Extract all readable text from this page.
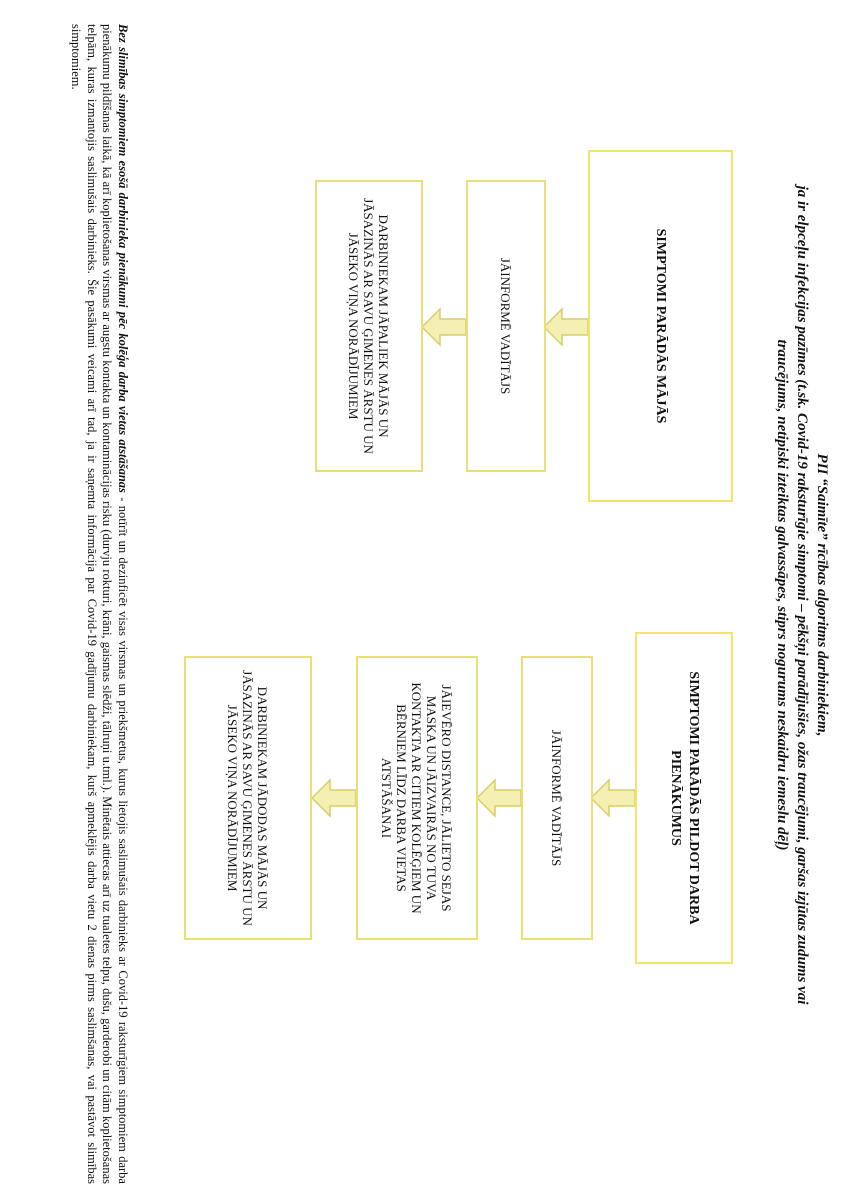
PII “Saimīte” rīcības algoritms darbiniekiem,
ja ir elpceļu infekcijas pazīmes (t.sk. Covid-19 raksturīgie simptomi – pēkšņi parādījušies, ožas traucējumi, garšas izjūtas zudums vai
traucējums, netipiski izteiktas galvassāpes, stiprs nogurums neskaidru iemeslu dēļ)
SIMPTOMI PARĀDĀS MĀJĀS
JĀINFORMĒ VADĪTĀJS
DARBINIEKAM JĀPALIEK MĀJĀS UN JĀSAZINĀS AR SAVU ĢIMENES ĀRSTU UN JĀSEKO VIŅA NORĀDĪJUMIEM
SIMPTOMI PARĀDĀS PILDOT DARBA PIENĀKUMUS
JĀINFORMĒ VADĪTĀJS
JĀIEVĒRO DISTANCE, JĀLIETO SEJAS MASKA UN JĀIZVAIRĀS NO TUVA KONTAKTA AR CITIEM KOLĒĢIEM UN BĒRNIEM LĪDZ DARBA VIETAS ATSTĀŠANAI
DARBINIEKAM JĀDODAS MĀJĀS UN JĀSAZINĀS AR SAVU ĢIMENES ĀRSTU UN JĀSEKO VIŅA NORĀDĪJUMIEM
Bez slimības simptomiem esošā darbinieka pienākumi pēc kolēģa darba vietas atstāšanas - notīrīt un dezinficēt visas virsmas un priekšmetus, kurus lietojis saslimušais darbinieks ar Covid-19 raksturīgiem simptomiem darba pienākumu pildīšanas laikā, kā arī koplietošanas virsmas ar augstu kontakta un kontaminācijas risku (durvju rokturi, krāni, gaismas slēdži, tālruņi u.tml.). Minētais attiecas arī uz tualetes telpu, dušu, garderobi un citām koplietošanas telpām, kuras izmantojis saslimušais darbinieks. Šie pasākumi veicami arī tad, ja ir saņemta informācija par Covid-19 gadījumu darbiniekam, kurš apmeklējis darba vietu 2 dienas pirms saslimšanas, vai pastāvot slimības simptomiem.
